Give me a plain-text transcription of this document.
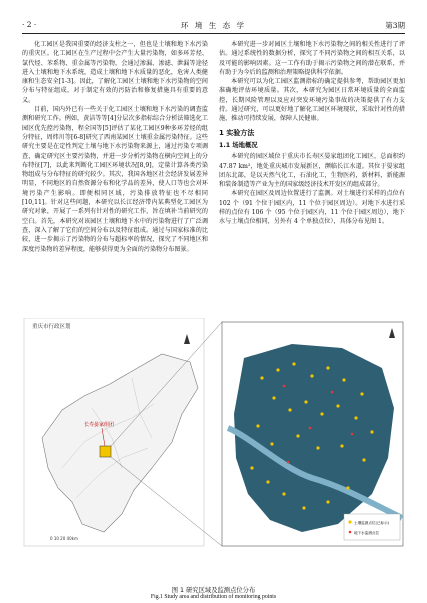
· 2 ·	环 境 生 态 学	第3期

化工园区是我国重要的经济支柱之一，但也是土壤和地下水污染的重灾区。化工园区在生产过程中会产生大量污染物，如多环芳烃、氯代烃、苯系物、重金属等污染物，会通过渗漏、渗滤、泄漏等途径进入土壤和地下水系统，造成土壤和地下水质量的恶化，危害人类健康和生态安全[1-3]。因此，了解化工园区土壤和地下水污染物的空间分布与特征组成，对于制定有效的污防治和修复措施具有重要的意义。

目前，国内外已有一些关于化工园区土壤和地下水污染的调查监测和研究工作。例如，黄洁等等[4]分层次多指标综合分析法筛选化工园区优先控污染物，程全国等[5]评估了某化工园区9种多环芳烃的组分特征，周炜川等[6-8]研究了西南某园区土壤重金属污染特征。这些研究主要是在定性判定土壤与地下水污染物来源上，通过污染专项调查，确定研究区主要污染物，并进一步分析污染物在横向空间上的分布特征[7]，以此来判断化工园区环境状况[8,9]，定量计算各类污染物组成与分布特征的研究较少。其次，我国各地区社会经济发展差异明显，不同地区的自然资源分布和化学品的差异，使人口等也会对环境污染产生影响。即便相同区域，污染排放特征也不尽相同[10,11]。针对这些问题，本研究以长江经济带内某典型化工园区为研究对象，开展了一系列有针对性的研究工作，旨在填补当前研究的空白。首先，本研究对该园区土壤和地下水中的污染物进行了广泛调查，深入了解了它们的空间分布以及特征组成。通过与国家标准的比较，进一步揭示了污染物的分布与超标率的情况，探究了不同地区和深度污染物的差异程度，能够获得更为全面的污染物分布图景。

本研究进一步对园区土壤和地下水污染物之间的相关性进行了评估。通过系统性的数据分析，探究了不同污染物之间的相互关系，以及可能的影响因素。这一工作有助于揭示污染物之间的潜在联系，并有助于为今后的监测和治理策略提供科学依据。

本研究可以为化工园区监测指标的确定提供参考，帮助园区更加准确地评估环境质量。其次，本研究为园区日常环境质量的全面监控，长期风险管理以及应对突发环境污染事故的决策提供了有力支持。通过研究，可以更好地了解化工园区环境现状，采取针对性的措施，推动可持续发展，保障人民健康。

1 实验方法
1.1 场地概况

本研究的园区域位于重庆市长寿区晏家组团化工园区，总面积约 47.87 km²，地处重庆城市发展新区，濒临长江水道。其位于晏家组团东北部，是以天然气化工，石油化工，生物医药，新材料，新能源和装备制造等产业为主的国家级经济技术开发区的组成部分。

本研究在园区及周边位置进行了监测。对土壤进行采样的点位有 102 个（91 个位于园区内，11 个位于园区周边）。对地下水进行采样的点位有 106 个（95 个位于园区内，11 个位于园区周边），地下水与土壤点位相同，另外有 4 个单独点位），具体分布见图 1。

重庆市行政区划
长寿晏家组团
0 10 20 40km
土壤监测点位(已标示)
地下水监测点位
图 1 研究区域及监测点位分布
Fig.1 Study area and distribution of monitoring points
